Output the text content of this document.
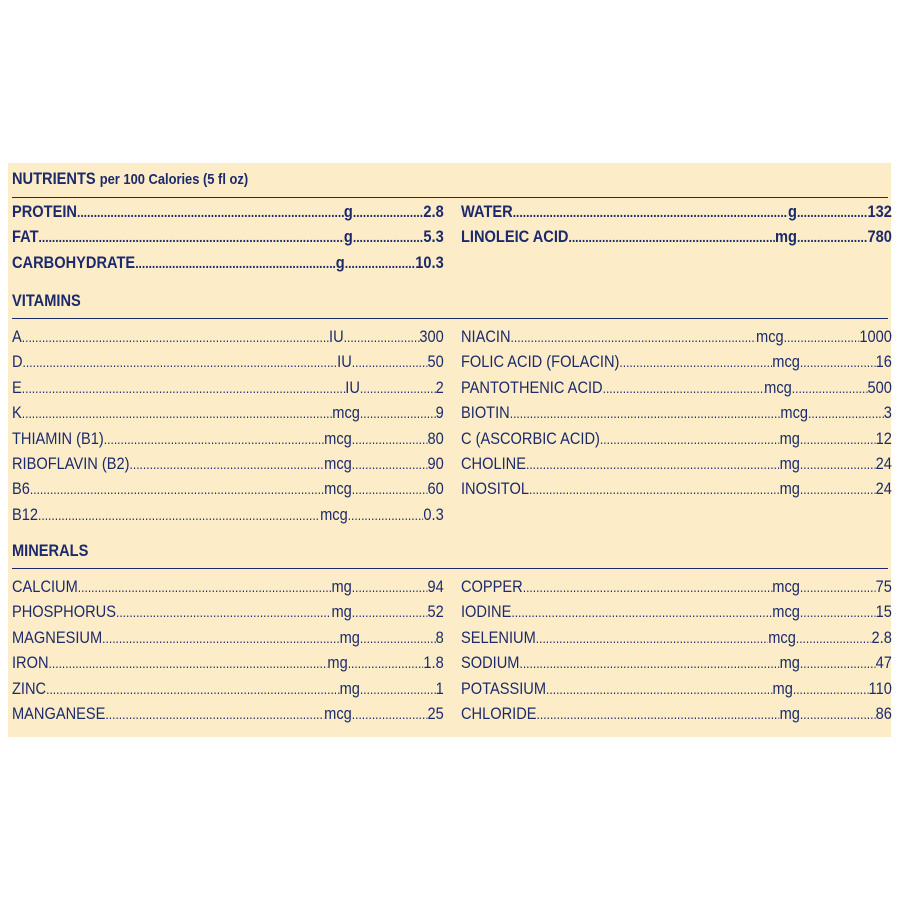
NUTRIENTS per 100 Calories (5 fl oz)
PROTEIN .....	g .....	2.8
FAT .....	g .....	5.3
CARBOHYDRATE .....	g .....	10.3
WATER .....	g .....	132
LINOLEIC ACID .....	mg .....	780
VITAMINS
A .....	IU .....	300
D .....	IU .....	50
E .....	IU .....	2
K .....	mcg .....	9
THIAMIN (B1) .....	mcg .....	80
RIBOFLAVIN (B2) .....	mcg .....	90
B6 .....	mcg .....	60
B12 .....	mcg .....	0.3
NIACIN .....	mcg .....	1000
FOLIC ACID (FOLACIN) .....	mcg .....	16
PANTOTHENIC ACID .....	mcg .....	500
BIOTIN .....	mcg .....	3
C (ASCORBIC ACID) .....	mg .....	12
CHOLINE .....	mg .....	24
INOSITOL .....	mg .....	24
MINERALS
CALCIUM .....	mg .....	94
PHOSPHORUS .....	mg .....	52
MAGNESIUM .....	mg .....	8
IRON .....	mg .....	1.8
ZINC .....	mg .....	1
MANGANESE .....	mcg .....	25
COPPER .....	mcg .....	75
IODINE .....	mcg .....	15
SELENIUM .....	mcg .....	2.8
SODIUM .....	mg .....	47
POTASSIUM .....	mg .....	110
CHLORIDE .....	mg .....	86
